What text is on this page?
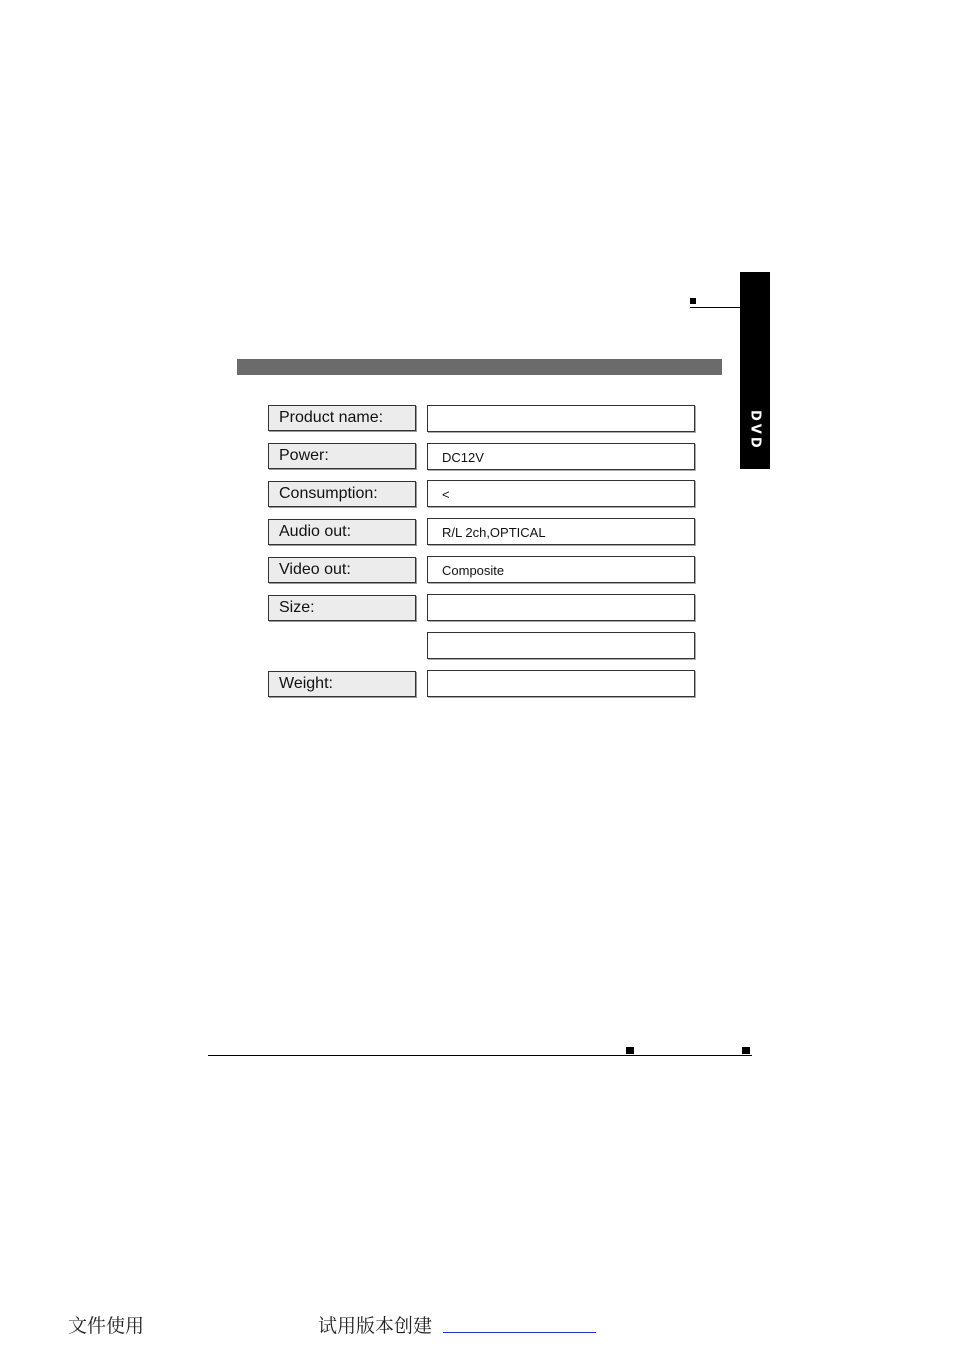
DVD
Product name:
Power:	DC12V
Consumption:	<
Audio out:	R/L 2ch,OPTICAL
Video out:	Composite
Size:
Weight:
文件使用	试用版本创建
